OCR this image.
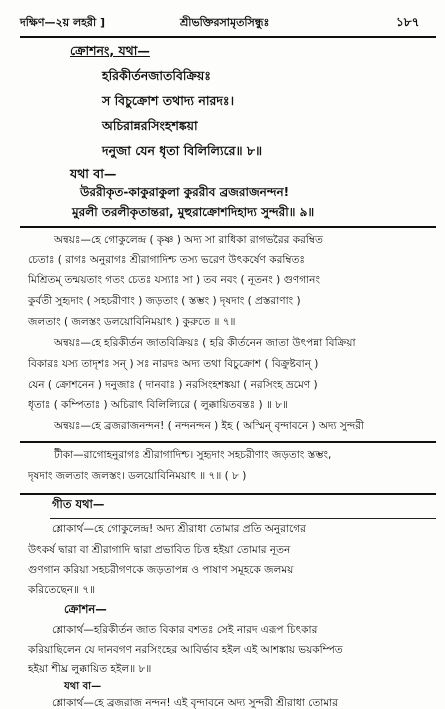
দক্ষিণ—২য় লহরী ]	শ্রীভক্তিরসামৃতসিন্ধুঃ	১৮৭
ক্রোশনং, যথা—
হরিকীর্তনজাতবিক্রিয়ঃ
স বিচুক্রোশ তথাদ্য নারদঃ।
অচিরান্নরসিংহশঙ্কয়া
দনুজা যেন ধৃতা বিলিল্যিরে॥ ৮॥
যথা বা—
উররীকৃত-কাকুরাকুলা কুররীব ব্রজরাজনন্দন!
মুরলী তরলীকৃতান্তরা, মুহুরাক্রোশদিহাদ্য সুন্দরী॥ ৯॥
অন্বয়ঃ—হে গোকুলেন্দ্র ( কৃষ্ণ ) অদ্য সা রাধিকা রাগভরৈর করম্বিত
চেতাঃ ( রাগঃ অনুরাগঃ শ্রীরাগাদিশ্চ তস্য ভরেণ উৎকর্ষেণ করম্বিতঃ
মিশ্রিতম্ তন্ময়তাং গতং চেতঃ যস্যাঃ সা ) তব নবং ( নূতনং ) গুণগানং
কুর্বতী সুহৃদাং ( সহচরীণাং ) জড়তাং ( স্তম্ভং ) দৃষদাং ( প্রস্তরাণাং )
জলতাং ( জলস্তং ডলয়োবিনিময়াৎ ) কুরুতে ॥ ৭॥
অন্বয়ঃ—হে হরিকীর্তন জাতবিক্রিয়ঃ ( হরি কীর্তনেন জাতা উৎপন্না বিক্রিয়া
বিকারঃ যস্য তাদৃশঃ সন্ ) সঃ নারদঃ অদ্য তথা বিচুক্রোশ ( বিক্রুষ্টবান্ )
যেন ( ক্রোশনেন ) দনুজাঃ ( দানবাঃ ) নরসিংহশঙ্কয়া ( নরসিংহ ভ্রমেণ )
ধৃতাঃ ( কম্পিতাঃ ) অচিরাৎ বিলিল্যিরে ( লুক্কায়িতবন্তঃ ) ॥ ৮॥
অন্বয়ঃ—হে ব্রজরাজনন্দন! ( নন্দনন্দন ) ইহ ( অস্মিন্ বৃন্দাবনে ) অদ্য সুন্দরী
টীকা—রাগোহনুরাগঃ শ্রীরাগাদিশ্চ। সুহৃদাং সহচরীণাং জড়তাং স্তম্ভং,
দৃষদাং জলতাং জলস্তং। ডলয়োবিনিময়াৎ ॥ ৭॥ ( ৮ )
গীত যথা—
শ্লোকার্থ—হে গোকুলেন্দ্র! অদ্য শ্রীরাধা তোমার প্রতি অনুরাগের
উৎকর্ষ দ্বারা বা শ্রীরাগাদি দ্বারা প্রভাবিত চিত্ত হইয়া তোমার নূতন
গুণগান করিয়া সহচরীগণকে জড়তাপন্ন ও পাষাণ সমূহকে জলময়
করিতেছেন॥ ৭॥
ক্রোশন—
শ্লোকার্থ—হরিকীর্তন জাত বিকার বশতঃ সেই নারদ এরূপ চিৎকার
করিয়াছিলেন যে দানবগণ নরসিংহের আবির্ভাব হইল এই আশঙ্কায় ভয়কম্পিত
হইয়া শীঘ্র লুক্কায়িত হইল॥ ৮॥
যথা বা—
শ্লোকার্থ—হে ব্রজরাজ নন্দন! এই বৃন্দাবনে অদ্য সুন্দরী শ্রীরাধা তোমার
